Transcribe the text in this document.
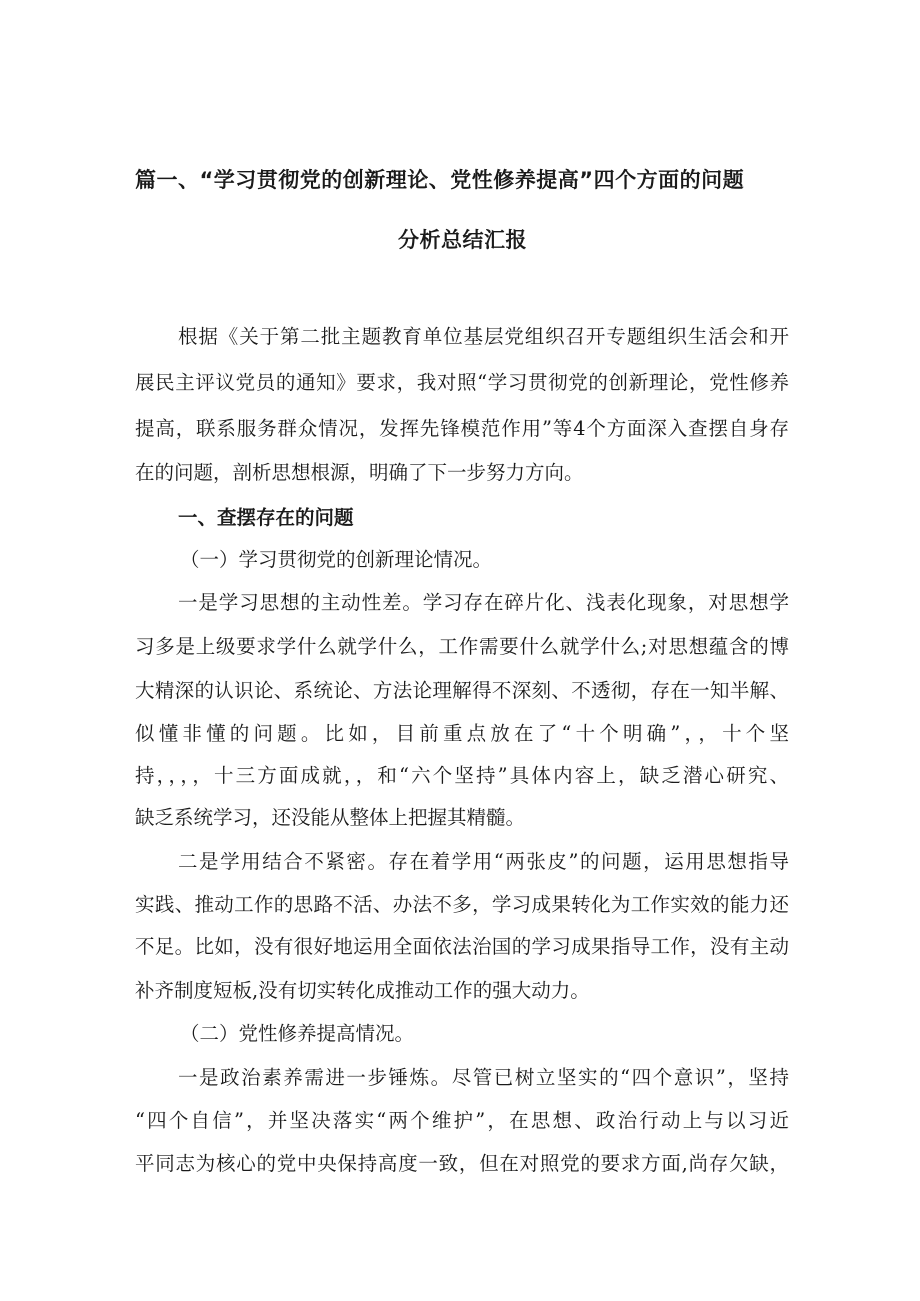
篇一、“学习贯彻党的创新理论、党性修养提高”四个方面的问题
分析总结汇报
根据《关于第二批主题教育单位基层党组织召开专题组织生活会和开
展民主评议党员的通知》要求，我对照“学习贯彻党的创新理论，党性修养
提高，联系服务群众情况，发挥先锋模范作用”等4个方面深入查摆自身存
在的问题，剖析思想根源，明确了下一步努力方向。
一、查摆存在的问题
（一）学习贯彻党的创新理论情况。
一是学习思想的主动性差。学习存在碎片化、浅表化现象，对思想学
习多是上级要求学什么就学什么，工作需要什么就学什么;对思想蕴含的博
大精深的认识论、系统论、方法论理解得不深刻、不透彻，存在一知半解、
似懂非懂的问题。比如，目前重点放在了“十个明确”，，十个坚
持，，，，十三方面成就，，和“六个坚持”具体内容上，缺乏潜心研究、
缺乏系统学习，还没能从整体上把握其精髓。
二是学用结合不紧密。存在着学用“两张皮”的问题，运用思想指导
实践、推动工作的思路不活、办法不多，学习成果转化为工作实效的能力还
不足。比如，没有很好地运用全面依法治国的学习成果指导工作，没有主动
补齐制度短板,没有切实转化成推动工作的强大动力。
（二）党性修养提高情况。
一是政治素养需进一步锤炼。尽管已树立坚实的“四个意识”，坚持
“四个自信”，并坚决落实“两个维护”，在思想、政治行动上与以习近
平同志为核心的党中央保持高度一致，但在对照党的要求方面,尚存欠缺，
